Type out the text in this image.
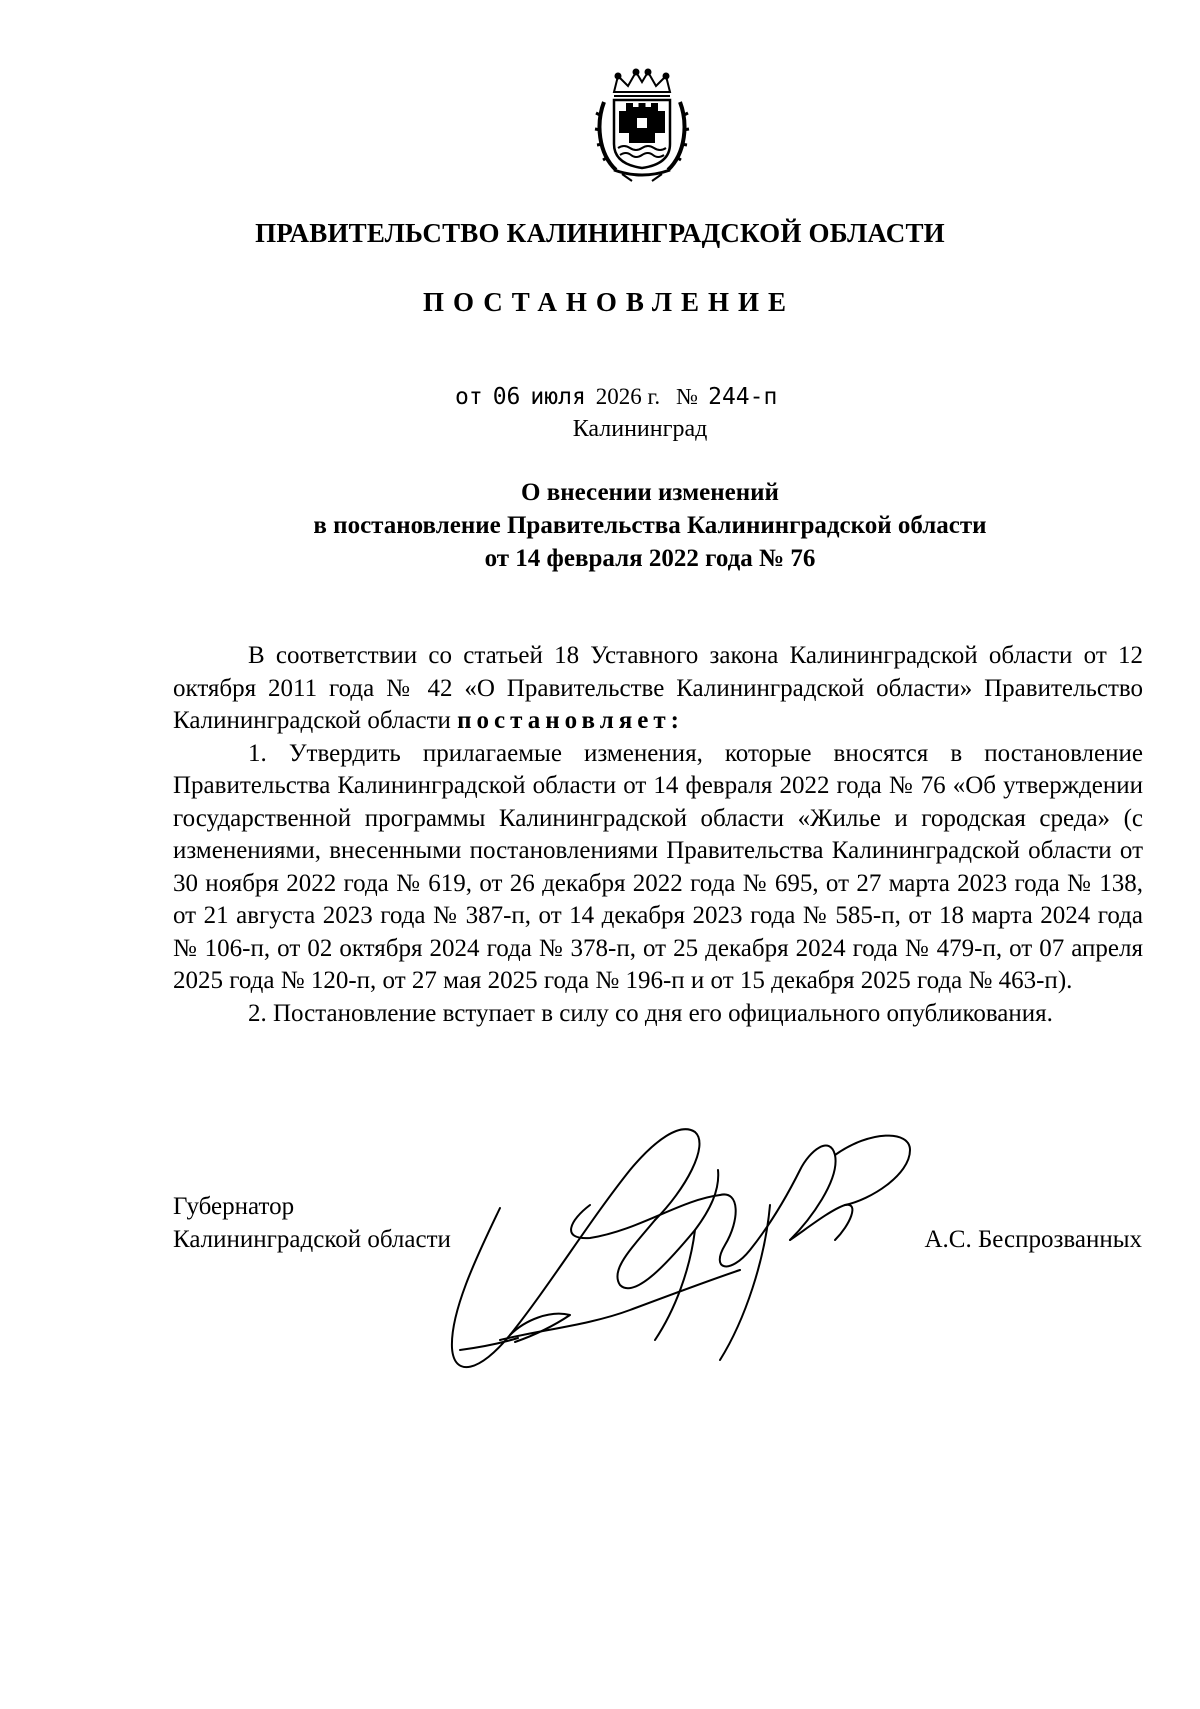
ПРАВИТЕЛЬСТВО КАЛИНИНГРАДСКОЙ ОБЛАСТИ
ПОСТАНОВЛЕНИЕ
от 06 июля 2026 г. № 244-п
Калининград
О внесении изменений
в постановление Правительства Калининградской области
от 14 февраля 2022 года № 76

В соответствии со статьей 18 Уставного закона Калининградской области от 12 октября 2011 года № 42 «О Правительстве Калининградской области» Правительство Калининградской области постановляет:

1. Утвердить прилагаемые изменения, которые вносятся в постановление Правительства Калининградской области от 14 февраля 2022 года № 76 «Об утверждении государственной программы Калининградской области «Жилье и городская среда» (с изменениями, внесенными постановлениями Правительства Калининградской области от 30 ноября 2022 года № 619, от 26 декабря 2022 года № 695, от 27 марта 2023 года № 138, от 21 августа 2023 года № 387-п, от 14 декабря 2023 года № 585-п, от 18 марта 2024 года № 106-п, от 02 октября 2024 года № 378-п, от 25 декабря 2024 года № 479-п, от 07 апреля 2025 года № 120-п, от 27 мая 2025 года № 196-п и от 15 декабря 2025 года № 463-п).

2. Постановление вступает в силу со дня его официального опубликования.

Губернатор
Калининградской области	А.С. Беспрозванных
